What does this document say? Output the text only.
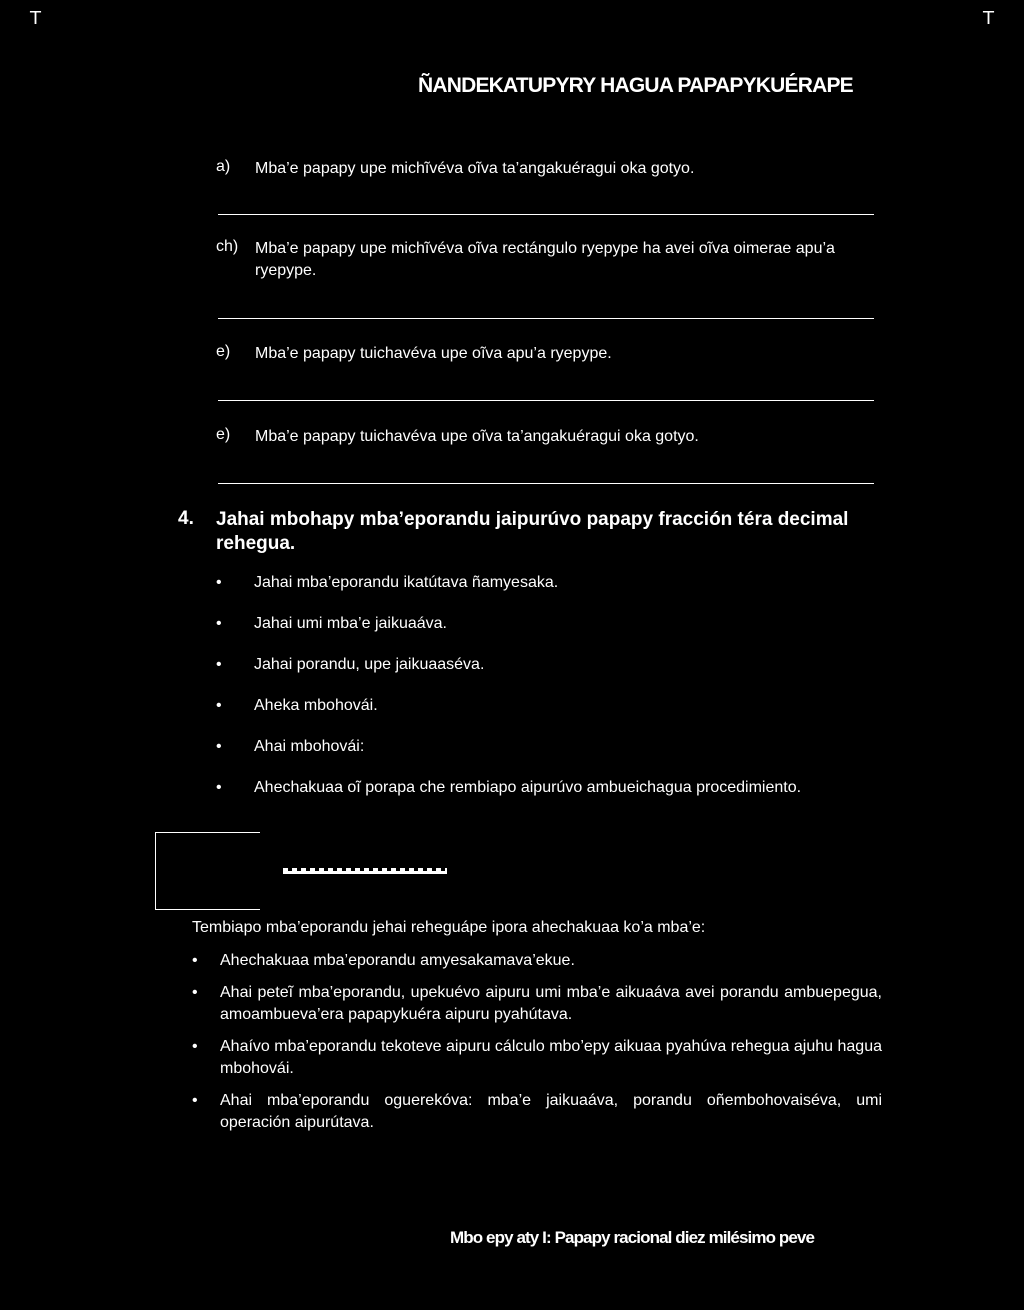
T	T
ÑANDEKATUPYRY HAGUA PAPAPYKUÉRAPE
a) Mba’e papapy upe michĩvéva oĩva ta’angakuéragui oka gotyo.
ch) Mba’e papapy upe michĩvéva oĩva rectángulo ryepype ha avei oĩva oimerae apu’a ryepype.
e) Mba’e papapy tuichavéva upe oĩva apu’a ryepype.
e) Mba’e papapy tuichavéva upe oĩva ta’angakuéragui oka gotyo.
4. Jahai mbohapy mba’eporandu jaipurúvo papapy fracción téra decimal rehegua.
• Jahai mba’eporandu ikatútava ñamyesaka.
• Jahai umi mba’e jaikuaáva.
• Jahai porandu, upe jaikuaaséva.
• Aheka mbohovái.
• Ahai mbohovái:
• Ahechakuaa oĩ porapa che rembiapo aipurúvo ambueichagua procedimiento.
Tembiapo mba’eporandu jehai reheguápe ipora ahechakuaa ko’a mba’e:
• Ahechakuaa mba’eporandu amyesakamava’ekue.
• Ahai peteĩ mba’eporandu, upekuévo aipuru umi mba’e aikuaáva avei porandu ambuepegua, amoambueva’era papapykuéra aipuru pyahútava.
• Ahaívo mba’eporandu tekoteve aipuru cálculo mbo’epy aikuaa pyahúva rehegua ajuhu hagua mbohovái.
• Ahai mba’eporandu oguerekóva: mba’e jaikuaáva, porandu oñembohovaiséva, umi operación aipurútava.
Mbo epy aty I: Papapy racional diez milésimo peve
